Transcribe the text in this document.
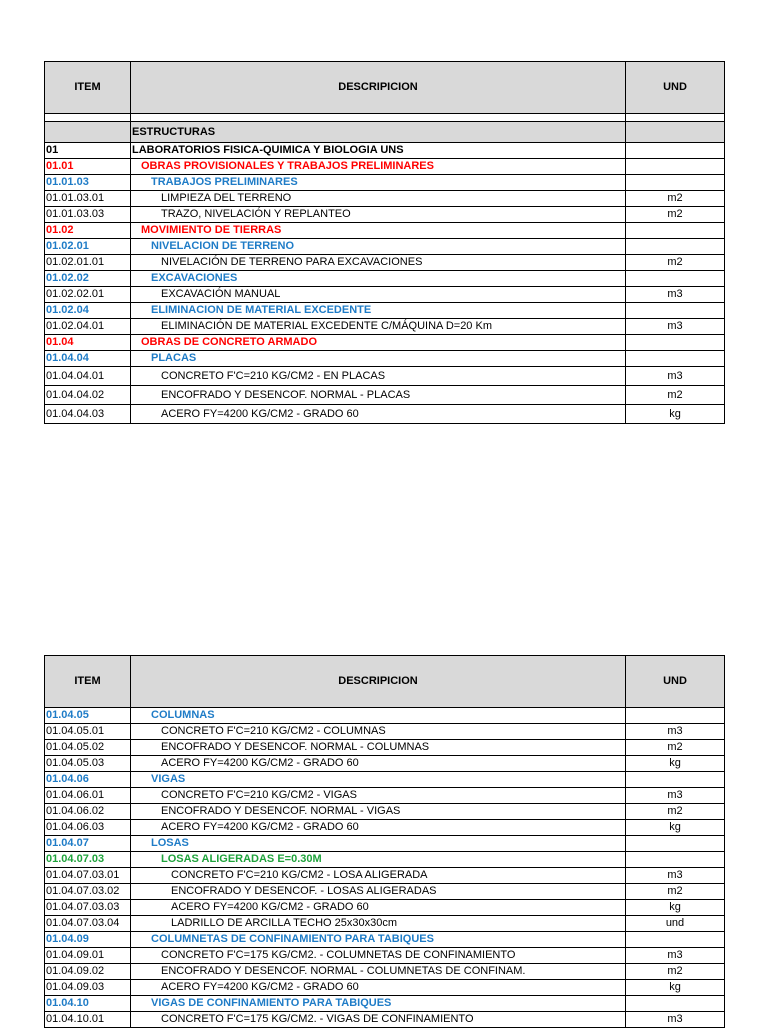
ITEM	DESCRIPICION	UND

	ESTRUCTURAS	
01	LABORATORIOS FISICA-QUIMICA Y BIOLOGIA UNS	
01.01	OBRAS PROVISIONALES Y TRABAJOS PRELIMINARES	
01.01.03	TRABAJOS PRELIMINARES	
01.01.03.01	LIMPIEZA DEL TERRENO	m2
01.01.03.03	TRAZO, NIVELACIÓN Y REPLANTEO	m2
01.02	MOVIMIENTO DE TIERRAS	
01.02.01	NIVELACION DE TERRENO	
01.02.01.01	NIVELACIÓN DE TERRENO PARA EXCAVACIONES	m2
01.02.02	EXCAVACIONES	
01.02.02.01	EXCAVACIÓN MANUAL	m3
01.02.04	ELIMINACION DE MATERIAL EXCEDENTE	
01.02.04.01	ELIMINACIÓN DE MATERIAL EXCEDENTE C/MÁQUINA D=20 Km	m3
01.04	OBRAS DE CONCRETO ARMADO	
01.04.04	PLACAS	
01.04.04.01	CONCRETO F'C=210 KG/CM2 - EN PLACAS	m3
01.04.04.02	ENCOFRADO Y DESENCOF. NORMAL - PLACAS	m2
01.04.04.03	ACERO FY=4200 KG/CM2 - GRADO 60	kg
ITEM	DESCRIPICION	UND
01.04.05	COLUMNAS	
01.04.05.01	CONCRETO F'C=210 KG/CM2 - COLUMNAS	m3
01.04.05.02	ENCOFRADO Y DESENCOF. NORMAL - COLUMNAS	m2
01.04.05.03	ACERO FY=4200 KG/CM2 - GRADO 60	kg
01.04.06	VIGAS	
01.04.06.01	CONCRETO F'C=210 KG/CM2 - VIGAS	m3
01.04.06.02	ENCOFRADO Y DESENCOF. NORMAL - VIGAS	m2
01.04.06.03	ACERO FY=4200 KG/CM2 - GRADO 60	kg
01.04.07	LOSAS	
01.04.07.03	LOSAS ALIGERADAS E=0.30M	
01.04.07.03.01	CONCRETO F'C=210 KG/CM2 - LOSA ALIGERADA	m3
01.04.07.03.02	ENCOFRADO Y DESENCOF. - LOSAS ALIGERADAS	m2
01.04.07.03.03	ACERO FY=4200 KG/CM2 - GRADO 60	kg
01.04.07.03.04	LADRILLO DE ARCILLA TECHO 25x30x30cm	und
01.04.09	COLUMNETAS DE CONFINAMIENTO PARA TABIQUES	
01.04.09.01	CONCRETO F'C=175 KG/CM2. - COLUMNETAS DE CONFINAMIENTO	m3
01.04.09.02	ENCOFRADO Y DESENCOF. NORMAL - COLUMNETAS DE CONFINAM.	m2
01.04.09.03	ACERO FY=4200 KG/CM2 - GRADO 60	kg
01.04.10	VIGAS DE CONFINAMIENTO PARA TABIQUES	
01.04.10.01	CONCRETO F'C=175 KG/CM2. - VIGAS DE CONFINAMIENTO	m3
